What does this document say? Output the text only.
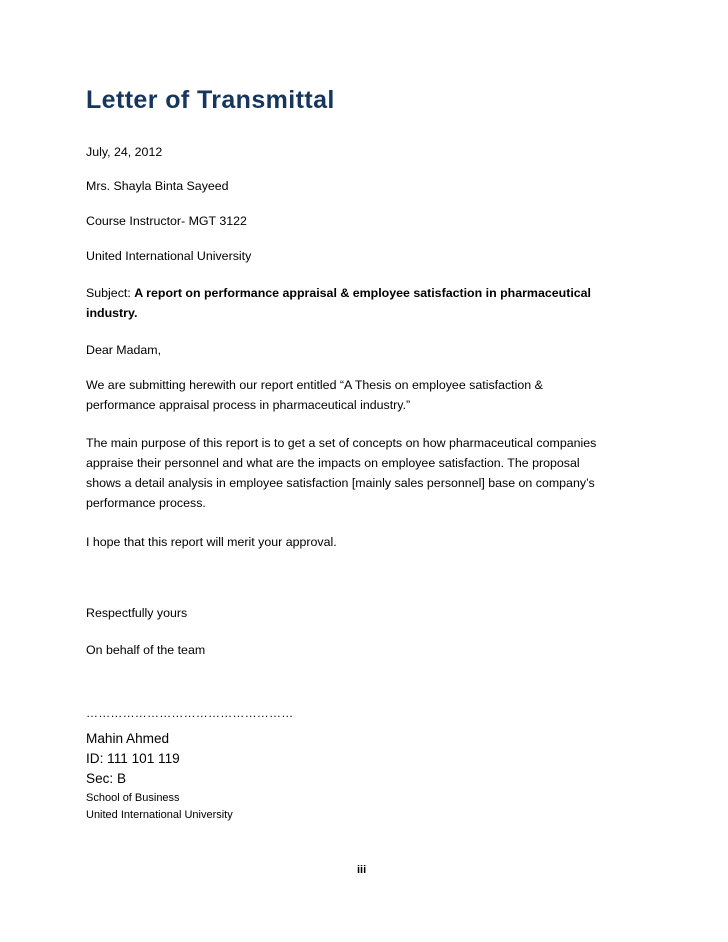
Letter of Transmittal
July, 24, 2012
Mrs. Shayla Binta Sayeed
Course Instructor- MGT 3122
United International University

Subject: A report on performance appraisal & employee satisfaction in pharmaceutical

industry.

Dear Madam,

We are submitting herewith our report entitled “A Thesis on employee satisfaction &

performance appraisal process in pharmaceutical industry.”

The main purpose of this report is to get a set of concepts on how pharmaceutical companies

appraise their personnel and what are the impacts on employee satisfaction. The proposal

shows a detail analysis in employee satisfaction [mainly sales personnel] base on company’s

performance process.

I hope that this report will merit your approval.
Respectfully yours
On behalf of the team
……………………………………………
Mahin Ahmed
ID: 111 101 119
Sec: B
School of Business
United International University
iii
